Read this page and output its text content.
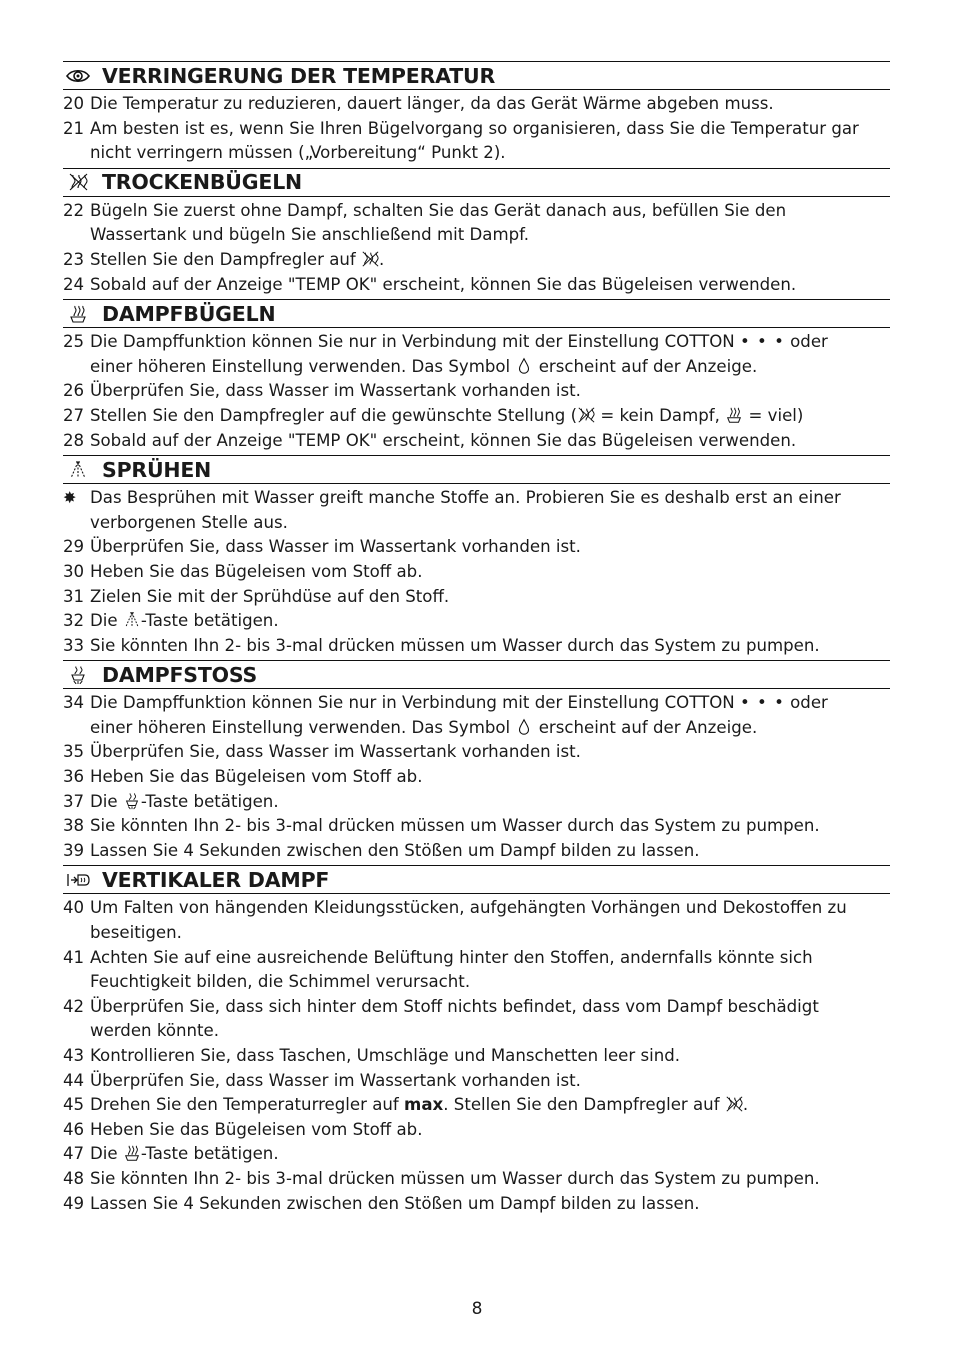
VERRINGERUNG DER TEMPERATUR
20 Die Temperatur zu reduzieren, dauert länger, da das Gerät Wärme abgeben muss.
21 Am besten ist es, wenn Sie Ihren Bügelvorgang so organisieren, dass Sie die Temperatur gar
nicht verringern müssen („Vorbereitung“ Punkt 2).
TROCKENBÜGELN
22 Bügeln Sie zuerst ohne Dampf, schalten Sie das Gerät danach aus, befüllen Sie den
Wassertank und bügeln Sie anschließend mit Dampf.
23 Stellen Sie den Dampfregler auf .
24 Sobald auf der Anzeige "TEMP OK" erscheint, können Sie das Bügeleisen verwenden.
DAMPFBÜGELN
25 Die Dampffunktion können Sie nur in Verbindung mit der Einstellung COTTON • • • oder
einer höheren Einstellung verwenden. Das Symbol  erscheint auf der Anzeige.
26 Überprüfen Sie, dass Wasser im Wassertank vorhanden ist.
27 Stellen Sie den Dampfregler auf die gewünschte Stellung ( = kein Dampf,  = viel)
28 Sobald auf der Anzeige "TEMP OK" erscheint, können Sie das Bügeleisen verwenden.
SPRÜHEN
✸ Das Besprühen mit Wasser greift manche Stoffe an. Probieren Sie es deshalb erst an einer
verborgenen Stelle aus.
29 Überprüfen Sie, dass Wasser im Wassertank vorhanden ist.
30 Heben Sie das Bügeleisen vom Stoff ab.
31 Zielen Sie mit der Sprühdüse auf den Stoff.
32 Die -Taste betätigen.
33 Sie könnten Ihn 2- bis 3-mal drücken müssen um Wasser durch das System zu pumpen.
DAMPFSTOSS
34 Die Dampffunktion können Sie nur in Verbindung mit der Einstellung COTTON • • • oder
einer höheren Einstellung verwenden. Das Symbol  erscheint auf der Anzeige.
35 Überprüfen Sie, dass Wasser im Wassertank vorhanden ist.
36 Heben Sie das Bügeleisen vom Stoff ab.
37 Die -Taste betätigen.
38 Sie könnten Ihn 2- bis 3-mal drücken müssen um Wasser durch das System zu pumpen.
39 Lassen Sie 4 Sekunden zwischen den Stößen um Dampf bilden zu lassen.
VERTIKALER DAMPF
40 Um Falten von hängenden Kleidungsstücken, aufgehängten Vorhängen und Dekostoffen zu
beseitigen.
41 Achten Sie auf eine ausreichende Belüftung hinter den Stoffen, andernfalls könnte sich
Feuchtigkeit bilden, die Schimmel verursacht.
42 Überprüfen Sie, dass sich hinter dem Stoff nichts befindet, dass vom Dampf beschädigt
werden könnte.
43 Kontrollieren Sie, dass Taschen, Umschläge und Manschetten leer sind.
44 Überprüfen Sie, dass Wasser im Wassertank vorhanden ist.
45 Drehen Sie den Temperaturregler auf max. Stellen Sie den Dampfregler auf .
46 Heben Sie das Bügeleisen vom Stoff ab.
47 Die -Taste betätigen.
48 Sie könnten Ihn 2- bis 3-mal drücken müssen um Wasser durch das System zu pumpen.
49 Lassen Sie 4 Sekunden zwischen den Stößen um Dampf bilden zu lassen.
8
